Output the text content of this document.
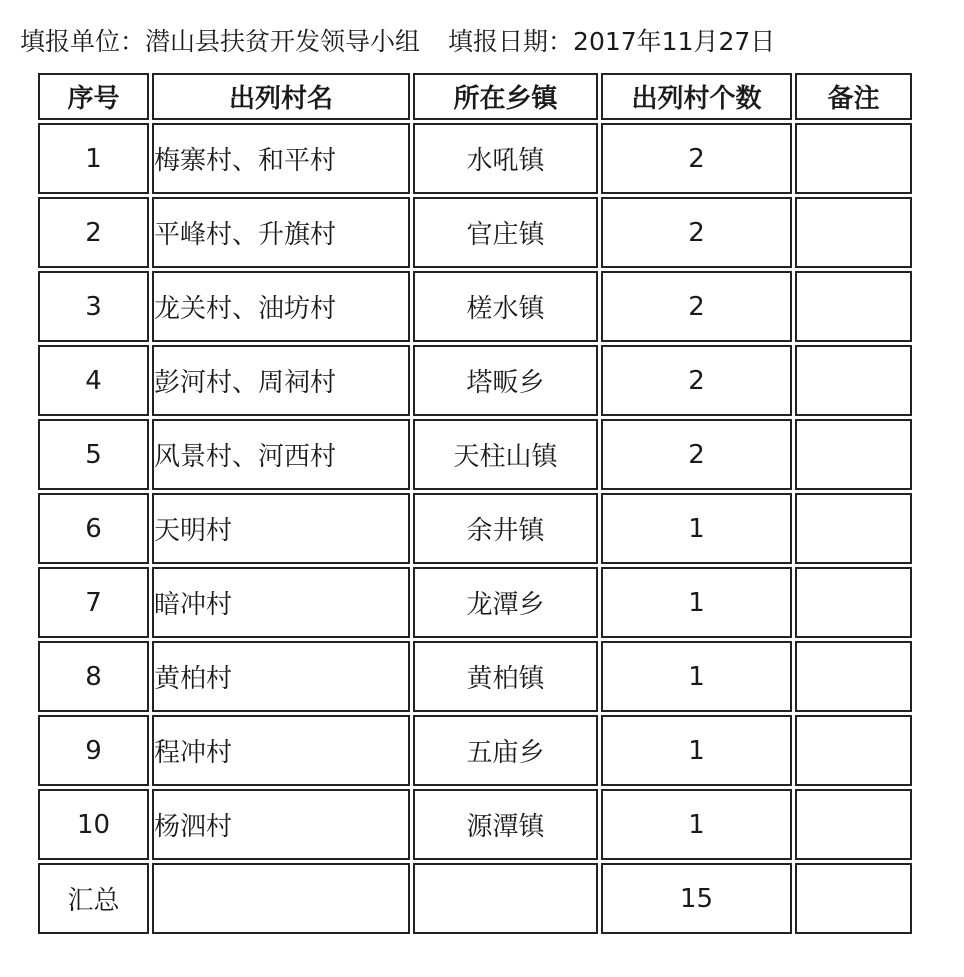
填报单位：潜山县扶贫开发领导小组 填报日期：2017年11月27日
序号	出列村名	所在乡镇	出列村个数	备注
1	梅寨村、和平村	水吼镇	2	
2	平峰村、升旗村	官庄镇	2	
3	龙关村、油坊村	槎水镇	2	
4	彭河村、周祠村	塔畈乡	2	
5	风景村、河西村	天柱山镇	2	
6	天明村	余井镇	1	
7	暗冲村	龙潭乡	1	
8	黄柏村	黄柏镇	1	
9	程冲村	五庙乡	1	
10	杨泗村	源潭镇	1	
汇总			15	
